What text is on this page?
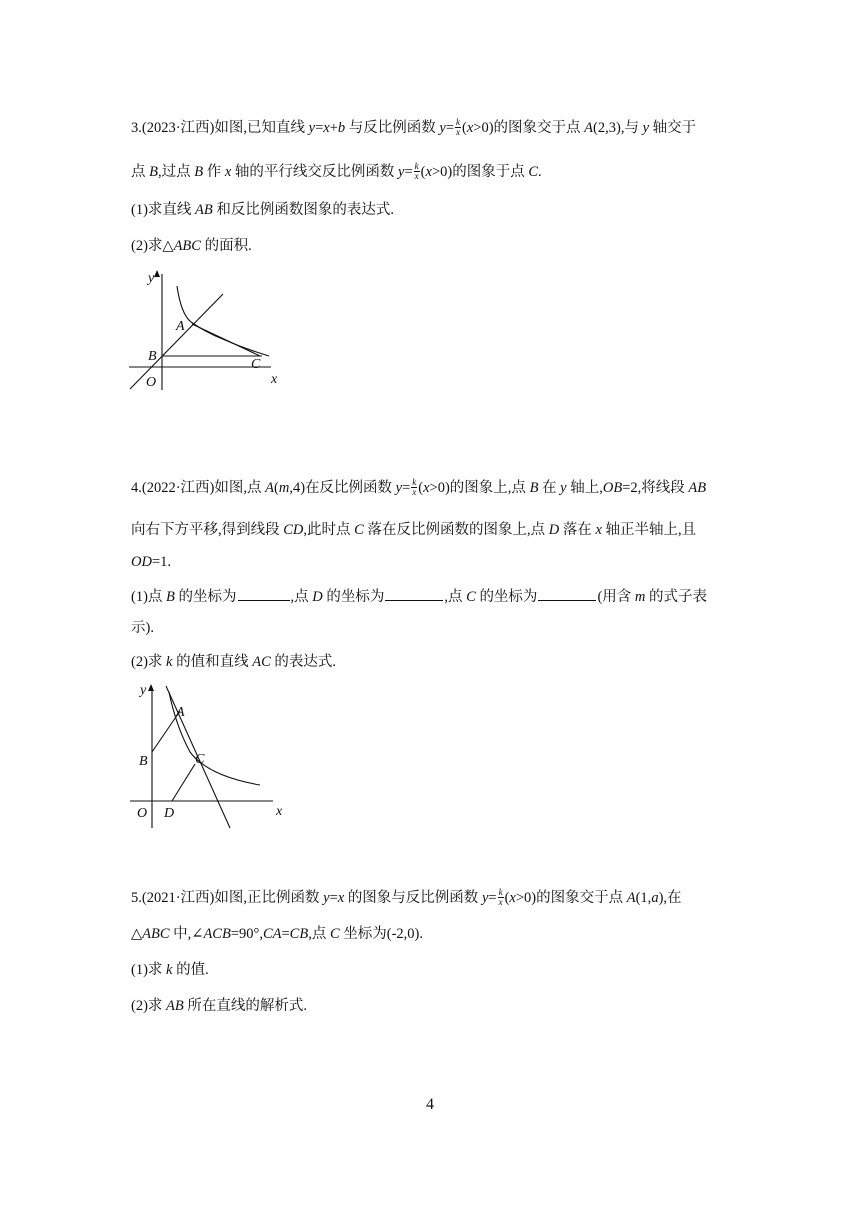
3.(2023·江西)如图,已知直线 y=x+b 与反比例函数 $y= \frac{k}{x} (x>0)$的图象交于点 A(2,3),与 y 轴交于
点 B,过点 B 作 x 轴的平行线交反比例函数 $y= \frac{k}{x} (x>0)$的图象于点 C.
(1)求直线 AB 和反比例函数图象的表达式.
(2)求△ABC 的面积.
y
A
B
C
O	x
4.(2022·江西)如图,点 A(m,4)在反比例函数 $y= \frac{k}{x} (x>0)$的图象上,点 B 在 y 轴上,OB=2,将线段 AB
向右下方平移,得到线段 CD,此时点 C 落在反比例函数的图象上,点 D 落在 x 轴正半轴上,且
OD=1.
(1)点 B 的坐标为	,点 D 的坐标为	,点 C 的坐标为	(用含 m 的式子表
示).
(2)求 k 的值和直线 AC 的表达式.
y
A
B	C
O D	x
5.(2021·江西)如图,正比例函数 y=x 的图象与反比例函数 $y= \frac{k}{x} (x>0)$的图象交于点 A(1,a),在
△ABC 中,∠ACB=90°,CA=CB,点 C 坐标为(-2,0).
(1)求 k 的值.
(2)求 AB 所在直线的解析式.
4
